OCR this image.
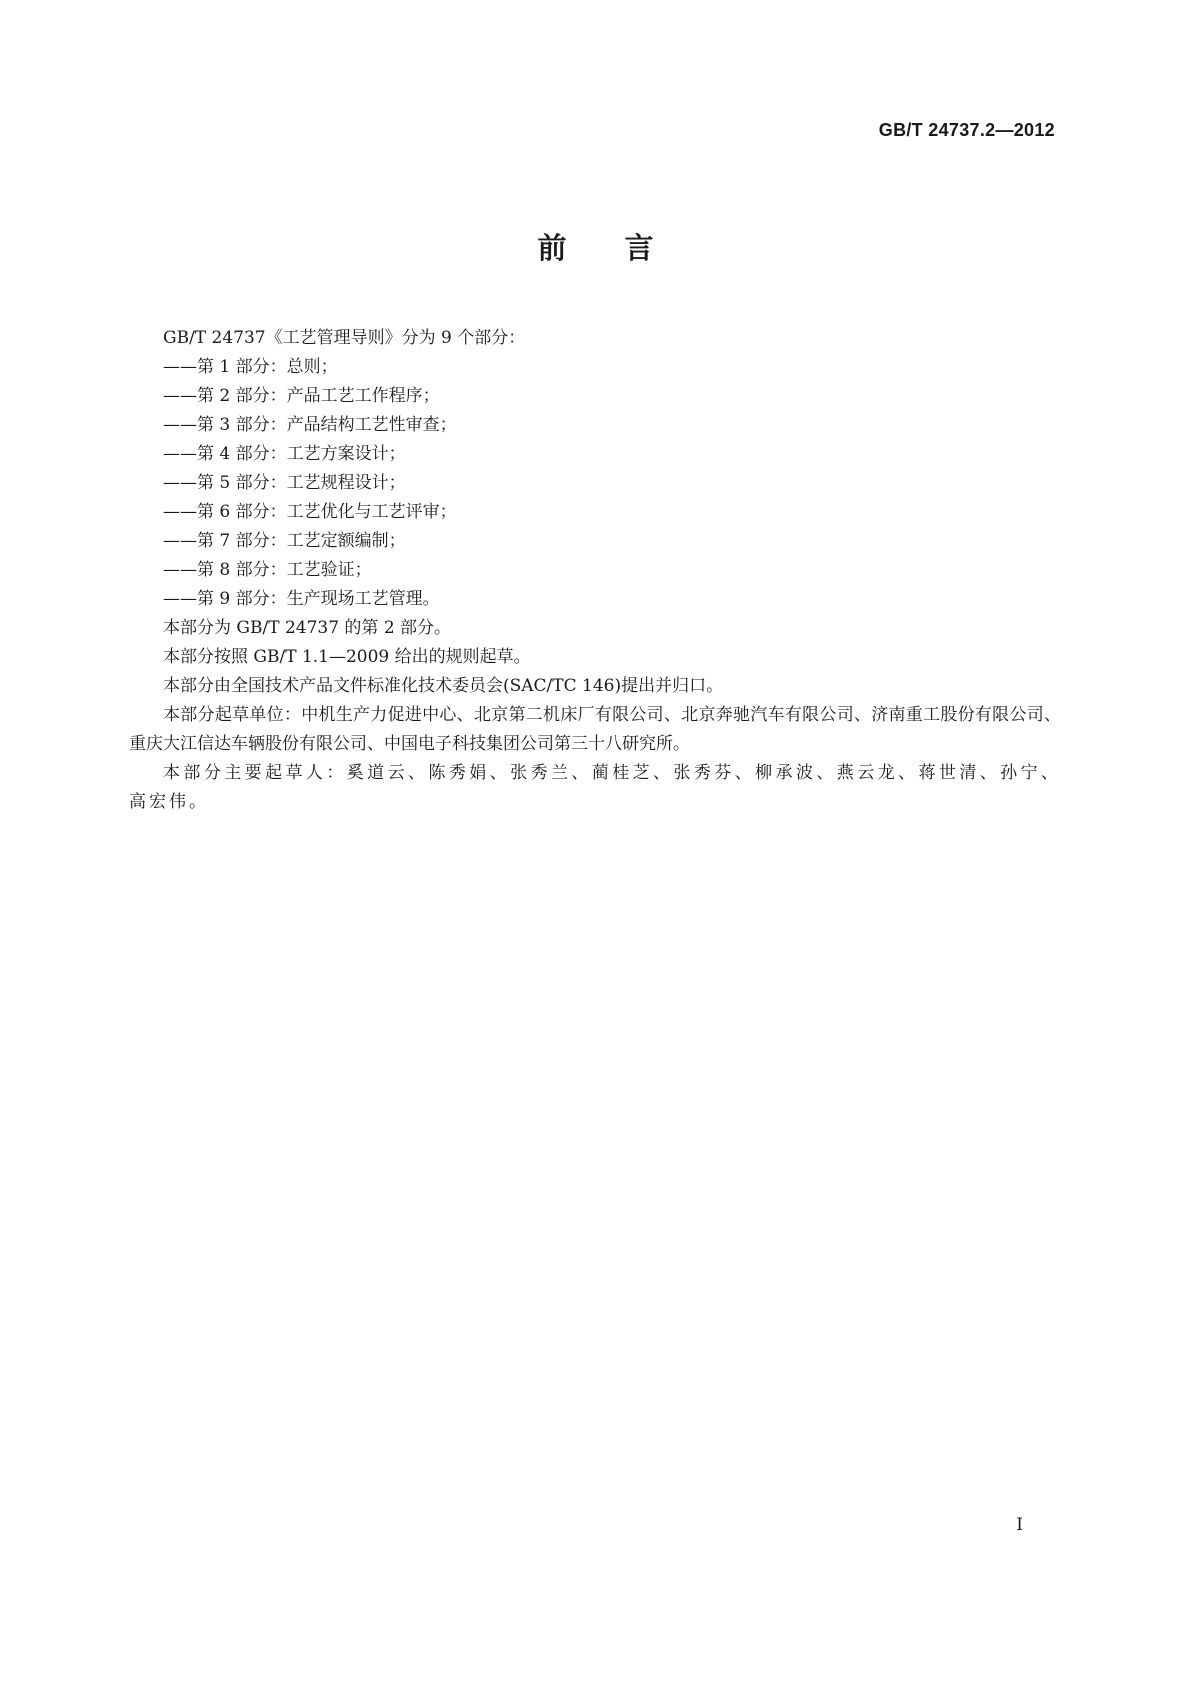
GB/T 24737.2—2012
前言

GB/T 24737《工艺管理导则》分为 9 个部分：

——第 1 部分：总则；

——第 2 部分：产品工艺工作程序；

——第 3 部分：产品结构工艺性审查；

——第 4 部分：工艺方案设计；

——第 5 部分：工艺规程设计；

——第 6 部分：工艺优化与工艺评审；

——第 7 部分：工艺定额编制；

——第 8 部分：工艺验证；

——第 9 部分：生产现场工艺管理。

本部分为 GB/T 24737 的第 2 部分。

本部分按照 GB/T 1.1—2009 给出的规则起草。

本部分由全国技术产品文件标准化技术委员会(SAC/TC 146)提出并归口。

本部分起草单位：中机生产力促进中心、北京第二机床厂有限公司、北京奔驰汽车有限公司、济南重工股份有限公司、重庆大江信达车辆股份有限公司、中国电子科技集团公司第三十八研究所。

本部分主要起草人：奚道云、陈秀娟、张秀兰、蔺桂芝、张秀芬、柳承波、燕云龙、蒋世清、孙宁、高宏伟。

I
